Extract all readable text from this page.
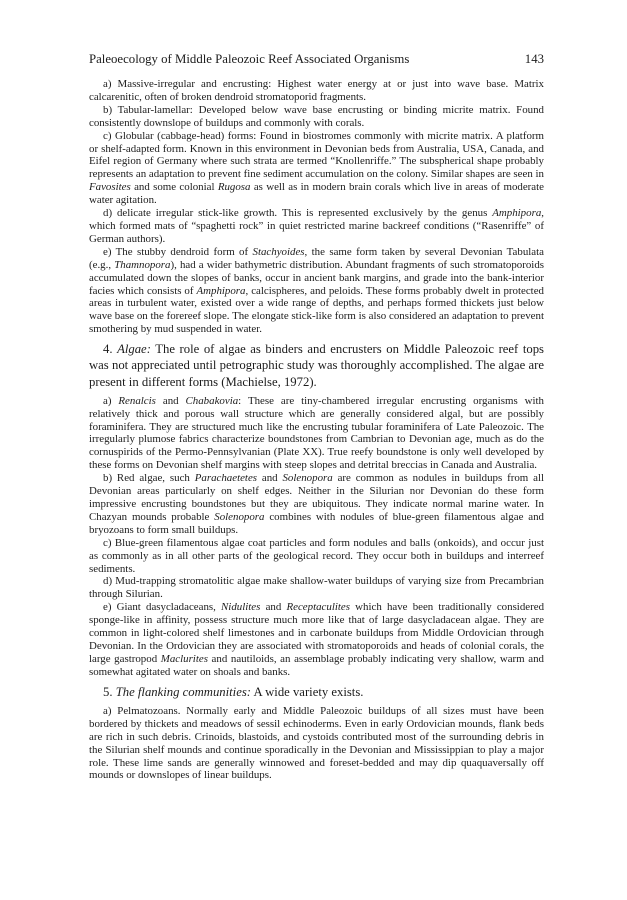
Paleoecology of Middle Paleozoic Reef Associated Organisms	143

a) Massive-irregular and encrusting: Highest water energy at or just into wave base. Matrix calcarenitic, often of broken dendroid stromatoporid fragments.

b) Tabular-lamellar: Developed below wave base encrusting or binding micrite matrix. Found consistently downslope of buildups and commonly with corals.

c) Globular (cabbage-head) forms: Found in biostromes commonly with micrite matrix. A platform or shelf-adapted form. Known in this environment in Devonian beds from Australia, USA, Canada, and Eifel region of Germany where such strata are termed “Knollenriffe.” The subspherical shape probably represents an adaptation to prevent fine sediment accumulation on the colony. Similar shapes are seen in Favosites and some colonial Rugosa as well as in modern brain corals which live in areas of moderate water agitation.

d) delicate irregular stick-like growth. This is represented exclusively by the genus Amphipora, which formed mats of “spaghetti rock” in quiet restricted marine backreef conditions (“Rasenriffe” of German authors).

e) The stubby dendroid form of Stachyoides, the same form taken by several Devonian Tabulata (e.g., Thamnopora), had a wider bathymetric distribution. Abundant fragments of such stromatoporoids accumulated down the slopes of banks, occur in ancient bank margins, and grade into the bank-interior facies which consists of Amphipora, calcispheres, and peloids. These forms probably dwelt in protected areas in turbulent water, existed over a wide range of depths, and perhaps formed thickets just below wave base on the forereef slope. The elongate stick-like form is also considered an adaptation to prevent smothering by mud suspended in water.

4. Algae: The role of algae as binders and encrusters on Middle Paleozoic reef tops was not appreciated until petrographic study was thoroughly accomplished. The algae are present in different forms (Machielse, 1972).

a) Renalcis and Chabakovia: These are tiny-chambered irregular encrusting organisms with relatively thick and porous wall structure which are generally considered algal, but are possibly foraminifera. They are structured much like the encrusting tubular foraminifera of Late Paleozoic. The irregularly plumose fabrics characterize boundstones from Cambrian to Devonian age, much as do the cornuspirids of the Permo-Pennsylvanian (Plate XX). True reefy boundstone is only well developed by these forms on Devonian shelf margins with steep slopes and detrital breccias in Canada and Australia.

b) Red algae, such Parachaetetes and Solenopora are common as nodules in buildups from all Devonian areas particularly on shelf edges. Neither in the Silurian nor Devonian do these form impressive encrusting boundstones but they are ubiquitous. They indicate normal marine water. In Chazyan mounds probable Solenopora combines with nodules of blue-green filamentous algae and bryozoans to form small buildups.

c) Blue-green filamentous algae coat particles and form nodules and balls (onkoids), and occur just as commonly as in all other parts of the geological record. They occur both in buildups and interreef sediments.

d) Mud-trapping stromatolitic algae make shallow-water buildups of varying size from Precambrian through Silurian.

e) Giant dasycladaceans, Nidulites and Receptaculites which have been traditionally considered sponge-like in affinity, possess structure much more like that of large dasycladacean algae. They are common in light-colored shelf limestones and in carbonate buildups from Middle Ordovician through Devonian. In the Ordovician they are associated with stromatoporoids and heads of colonial corals, the large gastropod Maclurites and nautiloids, an assemblage probably indicating very shallow, warm and somewhat agitated water on shoals and banks.

5. The flanking communities: A wide variety exists.

a) Pelmatozoans. Normally early and Middle Paleozoic buildups of all sizes must have been bordered by thickets and meadows of sessil echinoderms. Even in early Ordovician mounds, flank beds are rich in such debris. Crinoids, blastoids, and cystoids contributed most of the surrounding debris in the Silurian shelf mounds and continue sporadically in the Devonian and Mississippian to play a major role. These lime sands are generally winnowed and foreset-bedded and may dip quaquaversally off mounds or downslopes of linear buildups.
